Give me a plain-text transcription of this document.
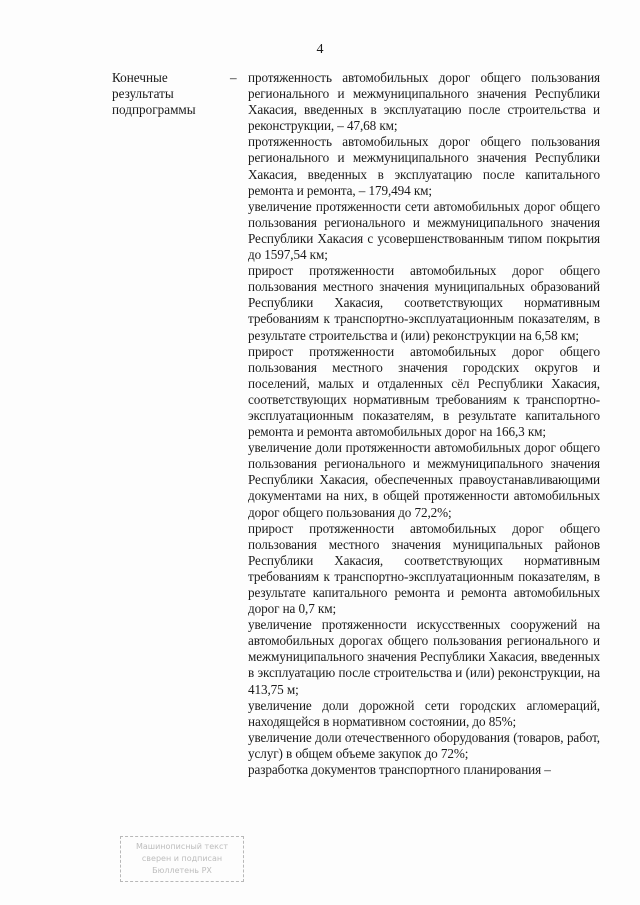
4
Конечные результаты подпрограммы
– протяженность автомобильных дорог общего пользования регионального и межмуниципального значения Республики Хакасия, введенных в эксплуатацию после строительства и реконструкции, – 47,68 км;

протяженность автомобильных дорог общего пользования регионального и межмуниципального значения Республики Хакасия, введенных в эксплуатацию после капитального ремонта и ремонта, – 179,494 км;

увеличение протяженности сети автомобильных дорог общего пользования регионального и межмуниципального значения Республики Хакасия с усовершенствованным типом покрытия до 1597,54 км;

прирост протяженности автомобильных дорог общего пользования местного значения муниципальных образований Республики Хакасия, соответствующих нормативным требованиям к транспортно-эксплуатационным показателям, в результате строительства и (или) реконструкции на 6,58 км;

прирост протяженности автомобильных дорог общего пользования местного значения городских округов и поселений, малых и отдаленных сёл Республики Хакасия, соответствующих нормативным требованиям к транспортно-эксплуатационным показателям, в результате капитального ремонта и ремонта автомобильных дорог на 166,3 км;

увеличение доли протяженности автомобильных дорог общего пользования регионального и межмуниципального значения Республики Хакасия, обеспеченных правоустанавливающими документами на них, в общей протяженности автомобильных дорог общего пользования до 72,2%;

прирост протяженности автомобильных дорог общего пользования местного значения муниципальных районов Республики Хакасия, соответствующих нормативным требованиям к транспортно-эксплуатационным показателям, в результате капитального ремонта и ремонта автомобильных дорог на 0,7 км;

увеличение протяженности искусственных сооружений на автомобильных дорогах общего пользования регионального и межмуниципального значения Республики Хакасия, введенных в эксплуатацию после строительства и (или) реконструкции, на 413,75 м;

увеличение доли дорожной сети городских агломераций, находящейся в нормативном состоянии, до 85%;

увеличение доли отечественного оборудования (товаров, работ, услуг) в общем объеме закупок до 72%;

разработка документов транспортного планирования –

Машинописный текст
сверен и подписан
Бюллетень РХ
